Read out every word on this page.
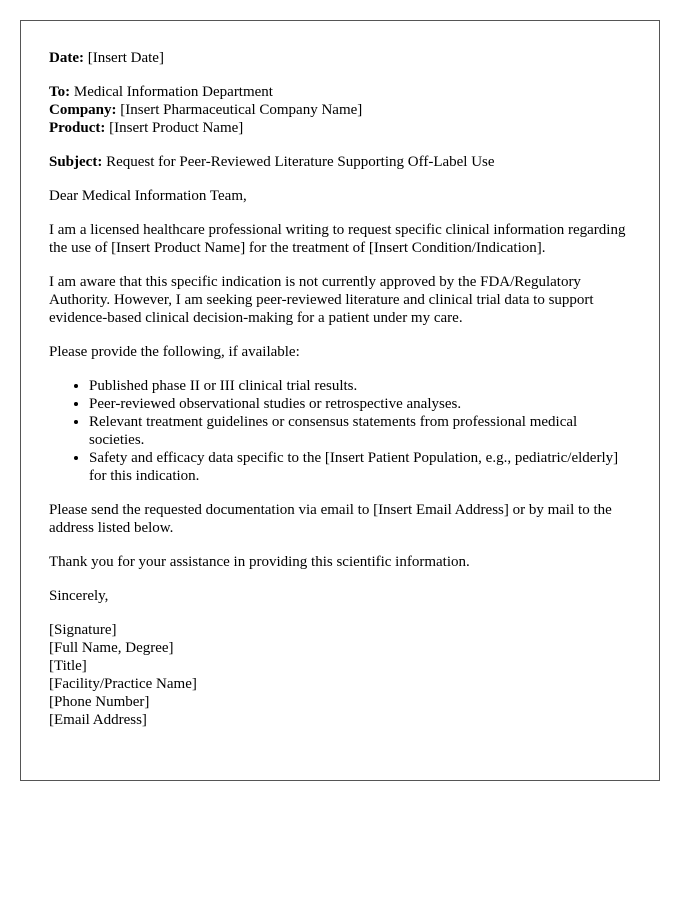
Date: [Insert Date]

To: Medical Information Department

Company: [Insert Pharmaceutical Company Name]

Product: [Insert Product Name]

Subject: Request for Peer-Reviewed Literature Supporting Off-Label Use

Dear Medical Information Team,

I am a licensed healthcare professional writing to request specific clinical information regarding the use of [Insert Product Name] for the treatment of [Insert Condition/Indication].

I am aware that this specific indication is not currently approved by the FDA/Regulatory Authority. However, I am seeking peer-reviewed literature and clinical trial data to support evidence-based clinical decision-making for a patient under my care.

Please provide the following, if available:

• Published phase II or III clinical trial results.
• Peer-reviewed observational studies or retrospective analyses.
• Relevant treatment guidelines or consensus statements from professional medical societies.
• Safety and efficacy data specific to the [Insert Patient Population, e.g., pediatric/elderly] for this indication.

Please send the requested documentation via email to [Insert Email Address] or by mail to the address listed below.

Thank you for your assistance in providing this scientific information.

Sincerely,

[Signature]
[Full Name, Degree]
[Title]
[Facility/Practice Name]
[Phone Number]
[Email Address]
